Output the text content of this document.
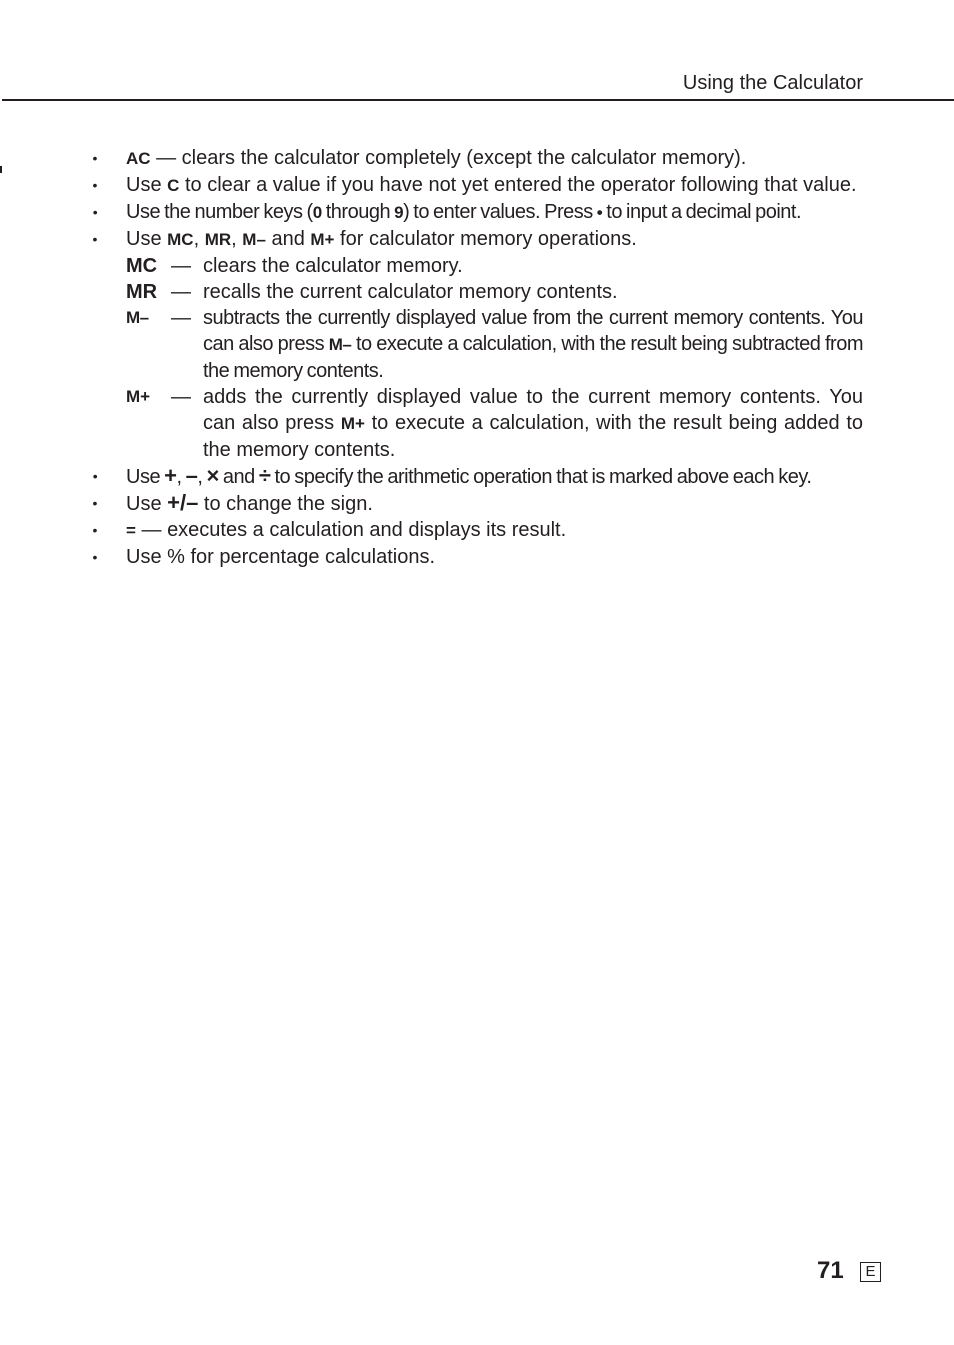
Using the Calculator
• AC — clears the calculator completely (except the calculator memory).
• Use C to clear a value if you have not yet entered the operator following that value.
• Use the number keys (0 through 9) to enter values. Press • to input a decimal point.
• Use MC, MR, M– and M+ for calculator memory operations.
MC — clears the calculator memory.
MR — recalls the current calculator memory contents.
M– — subtracts the currently displayed value from the current memory contents. You can also press M– to execute a calculation, with the result being subtracted from the memory contents.
M+ — adds the currently displayed value to the current memory contents. You can also press M+ to execute a calculation, with the result being added to the memory contents.
• Use +, –, × and ÷ to specify the arithmetic operation that is marked above each key.
• Use +/– to change the sign.
• = — executes a calculation and displays its result.
• Use % for percentage calculations.
71	E
